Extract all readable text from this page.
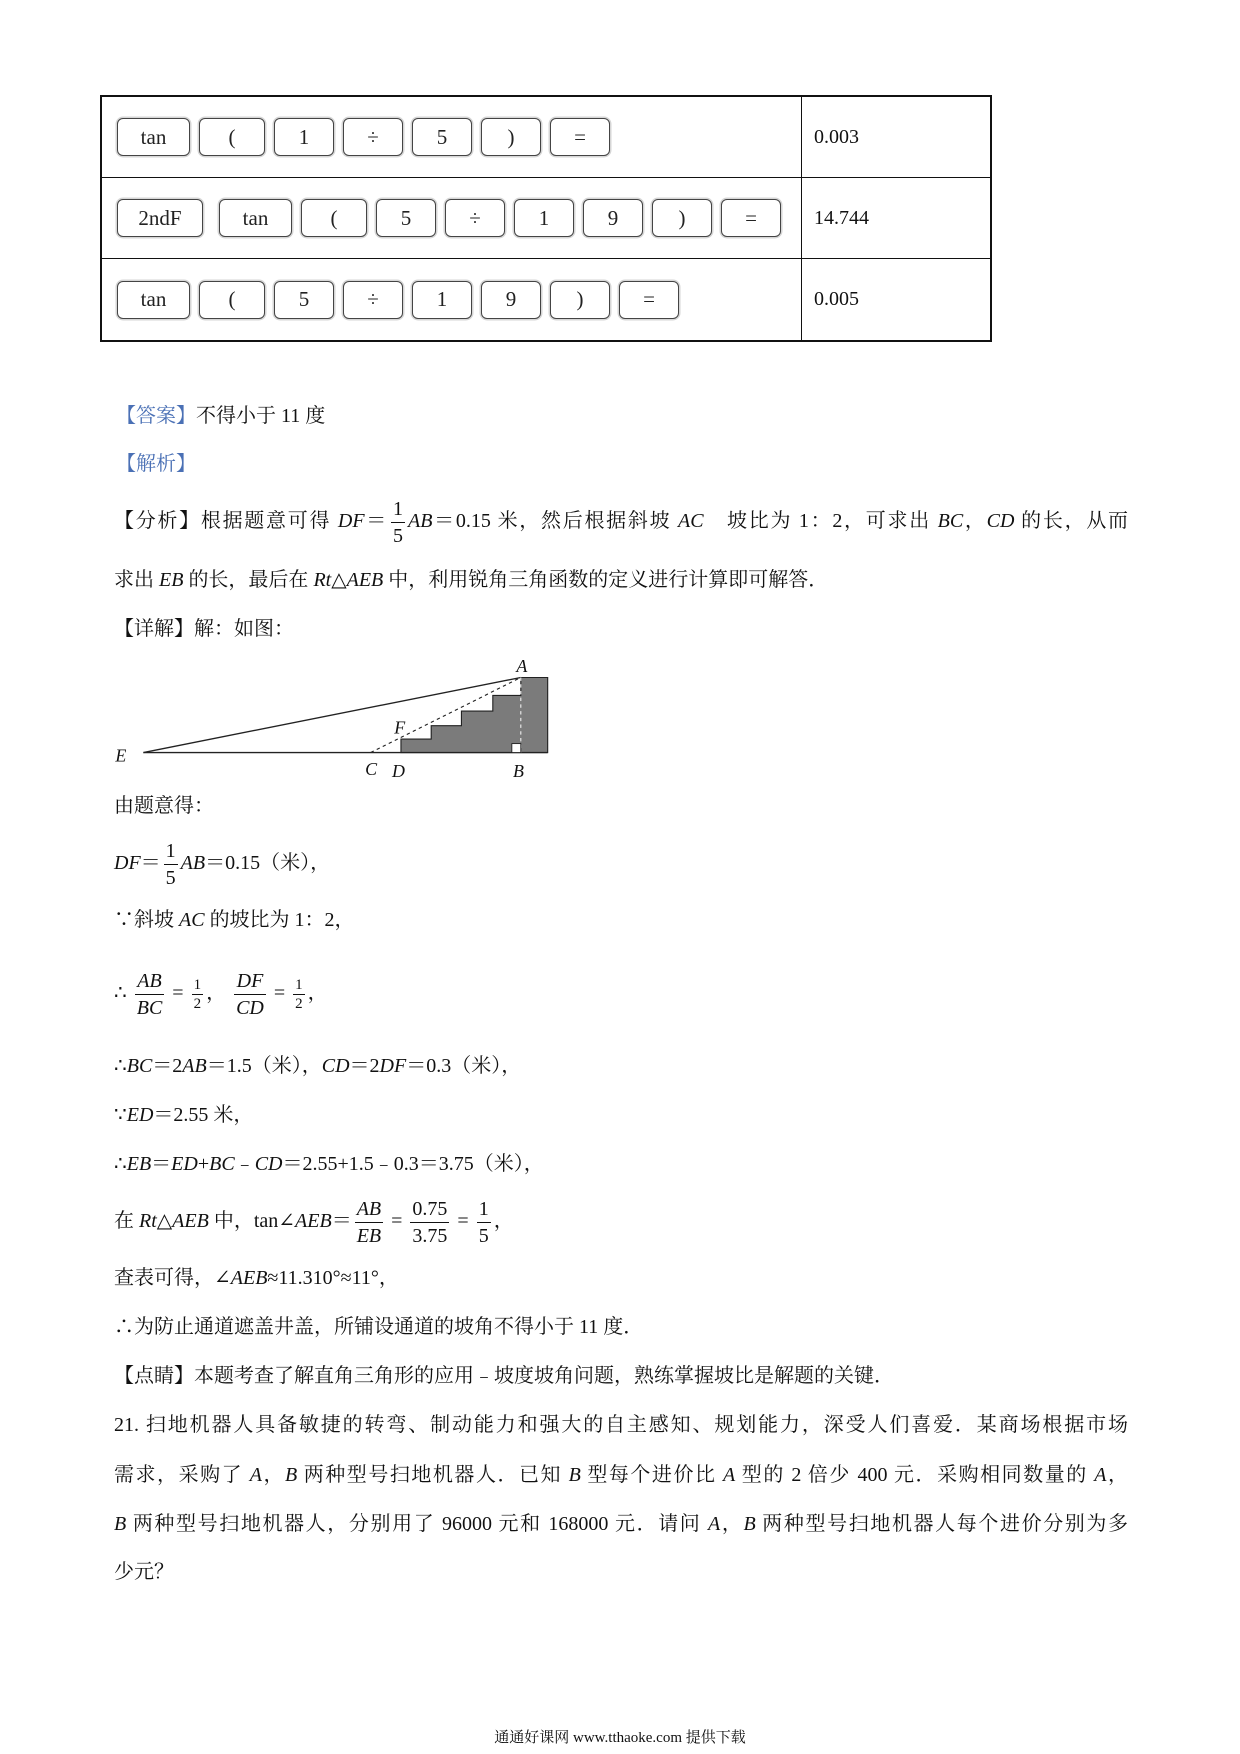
tan	(	1	÷	5	)	=	0.003
2ndF	tan	(	5	÷	1	9	)	=	14.744
tan	(	5	÷	1	9	)	=	0.005
【答案】不得小于 11 度
【解析】
【分析】根据题意可得 $DF= \frac{1}{5} AB=0.15$ 米，然后根据斜坡 AC　坡比为 1：2，可求出 BC，CD 的长，从而
求出 EB 的长，最后在 Rt△AEB 中，利用锐角三角函数的定义进行计算即可解答．
【详解】解：如图：
A
F
E
C D	B
由题意得：
$DF= \frac{1}{5} AB=0.15$（米），
∵斜坡 AC 的坡比为 1：2，
∴ $\frac{AB}{BC} = \frac{1}{2}$ ， $\frac{DF}{CD} = \frac{1}{2}$ ，
∴BC＝2AB＝1.5（米），CD＝2DF＝0.3（米），
∵ED＝2.55 米，
∴EB＝ED+BC﹣CD＝2.55+1.5﹣0.3＝3.75（米），
在 Rt△AEB 中，tan∠AEB＝ $\frac{AB}{EB} = \frac{0.75}{3.75} = \frac{1}{5}$ ，
查表可得，∠AEB≈11.310°≈11°，
∴为防止通道遮盖井盖，所铺设通道的坡角不得小于 11 度．
【点睛】本题考查了解直角三角形的应用﹣坡度坡角问题，熟练掌握坡比是解题的关键．
21. 扫地机器人具备敏捷的转弯、制动能力和强大的自主感知、规划能力，深受人们喜爱．某商场根据市场
需求，采购了 A，B 两种型号扫地机器人．已知 B 型每个进价比 A 型的 2 倍少 400 元．采购相同数量的 A，
B 两种型号扫地机器人，分别用了 96000 元和 168000 元．请问 A，B 两种型号扫地机器人每个进价分别为多
少元？
通通好课网 www.tthaoke.com 提供下载
